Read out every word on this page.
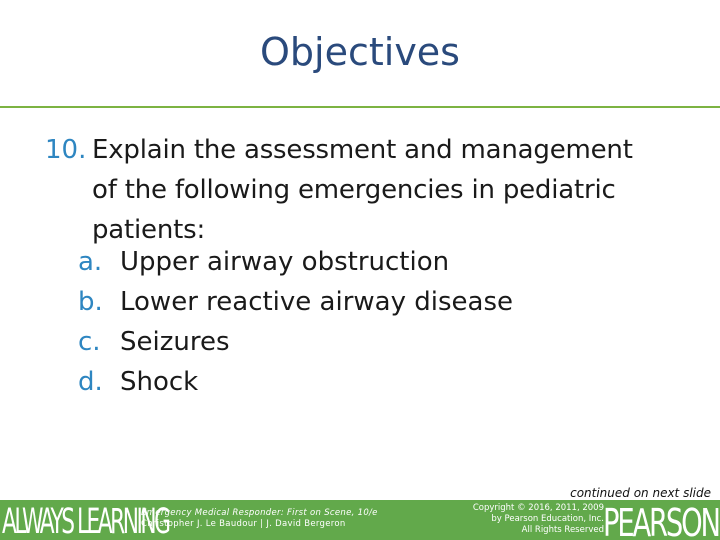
Objectives
10. Explain the assessment and management of the following emergencies in pediatric patients:
a. Upper airway obstruction
b. Lower reactive airway disease
c. Seizures
d. Shock
continued on next slide
ALWAYS LEARNING
Emergency Medical Responder: First on Scene, 10/e
Christopher J. Le Baudour | J. David Bergeron
Copyright © 2016, 2011, 2009
by Pearson Education, Inc.
All Rights Reserved PEARSON
